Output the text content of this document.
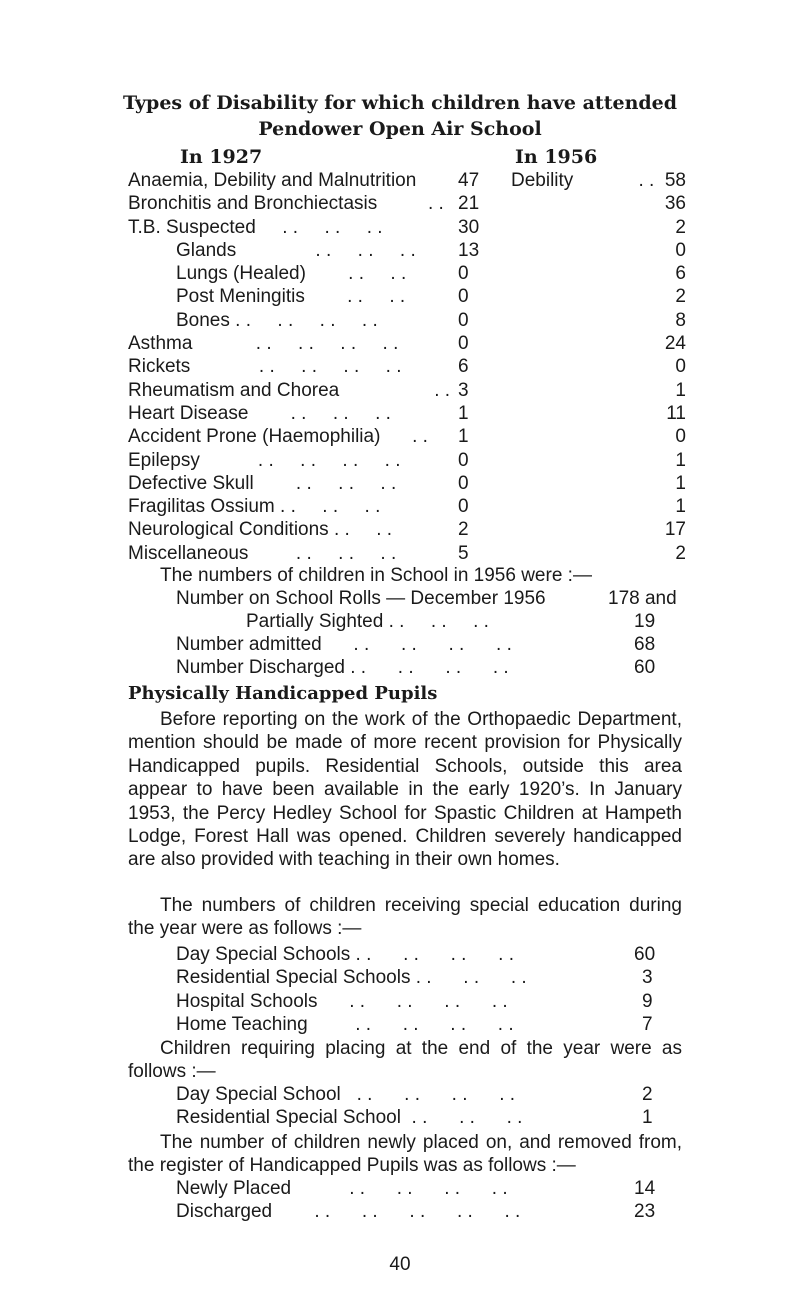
Types of Disability for which children have attended
Pendower Open Air School
In 1927	In 1956
Anaemia, Debility and Malnutrition 47	Debility	. . 58
Bronchitis and Bronchiectasis	. . 21	36
T.B. Suspected . . . . . .	30	2
Glands	. . . . . . 13	0
Lungs (Healed) . . . .	0	6
Post Meningitis . . . .	0	2
Bones . . . . . . . .	0	8
Asthma	. . . . . . . .	0	24
Rickets	. . . . . . . .	6	0
Rheumatism and Chorea	. . 3	1
Heart Disease . . . . . .	1	11
Accident Prone (Haemophilia) . . 1	0
Epilepsy	. . . . . . . .	0	1
Defective Skull . . . . . .	0	1
Fragilitas Ossium . . . . . .	0	1
Neurological Conditions . . . .	2	17
Miscellaneous	. . . . . .	5	2
The numbers of children in School in 1956 were :—
Number on School Rolls — December 1956	178 and
Partially Sighted . . . . . .	19
Number admitted . . . . . . . .	68
Number Discharged . . . . . . . .	60
Physically Handicapped Pupils
Before reporting on the work of the Orthopaedic Department, mention should be made of more recent provision for Physically Handicapped pupils. Residential Schools, outside this area appear to have been available in the early 1920’s. In January 1953, the Percy Hedley School for Spastic Children at Hampeth Lodge, Forest Hall was opened. Children severely handicapped are also provided with teaching in their own homes.
The numbers of children receiving special education during the year were as follows :—
Day Special Schools . . . . . . . .	60
Residential Special Schools . . . . . .	3
Hospital Schools . . . . . . . .	9
Home Teaching	. . . . . . . .	7
Children requiring placing at the end of the year were as follows :—
Day Special School . . . . . . . .	2
Residential Special School . . . . . .	1
The number of children newly placed on, and removed from, the register of Handicapped Pupils was as follows :—
Newly Placed	. . . . . . . .	14
Discharged . . . . . . . . . .	23
40
